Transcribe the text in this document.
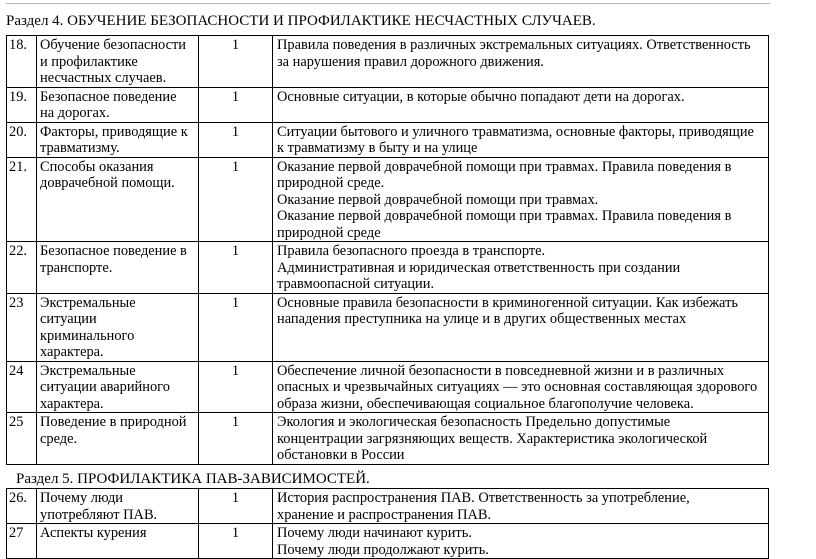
Раздел 4. ОБУЧЕНИЕ БЕЗОПАСНОСТИ И ПРОФИЛАКТИКЕ НЕСЧАСТНЫХ СЛУЧАЕВ.
18.	Обучение безопасности
и профилактике
несчастных случаев.	1	Правила поведения в различных экстремальных ситуациях. Ответственность
за нарушения правил дорожного движения.

19.	Безопасное поведение
на дорогах.	1	Основные ситуации, в которые обычно попадают дети на дорогах.

20.	Факторы, приводящие к
травматизму.	1	Ситуации бытового и уличного травматизма, основные факторы, приводящие
к травматизму в быту и на улице

21.	Способы оказания
доврачебной помощи.	1	Оказание первой доврачебной помощи при травмах. Правила поведения в
природной среде.
Оказание первой доврачебной помощи при травмах.
Оказание первой доврачебной помощи при травмах. Правила поведения в
природной среде

22.	Безопасное поведение в
транспорте.	1	Правила безопасного проезда в транспорте.
Административная и юридическая ответственность при создании
травмоопасной ситуации.

23	Экстремальные
ситуации
криминального
характера.	1	Основные правила безопасности в криминогенной ситуации. Как избежать
нападения преступника на улице и в других общественных местах

24	Экстремальные
ситуации аварийного
характера.	1	Обеспечение личной безопасности в повседневной жизни и в различных
опасных и чрезвычайных ситуациях — это основная составляющая здорового
образа жизни, обеспечивающая социальное благополучие человека.

25	Поведение в природной
среде.	1	Экология и экологическая безопасность Предельно допустимые
концентрации загрязняющих веществ. Характеристика экологической
обстановки в России
Раздел 5. ПРОФИЛАКТИКА ПАВ-ЗАВИСИМОСТЕЙ.
26.	Почему люди
употребляют ПАВ.	1	История распространения ПАВ. Ответственность за употребление,
хранение и распространения ПАВ.

27	Аспекты курения	1	Почему люди начинают курить.
Почему люди продолжают курить.
